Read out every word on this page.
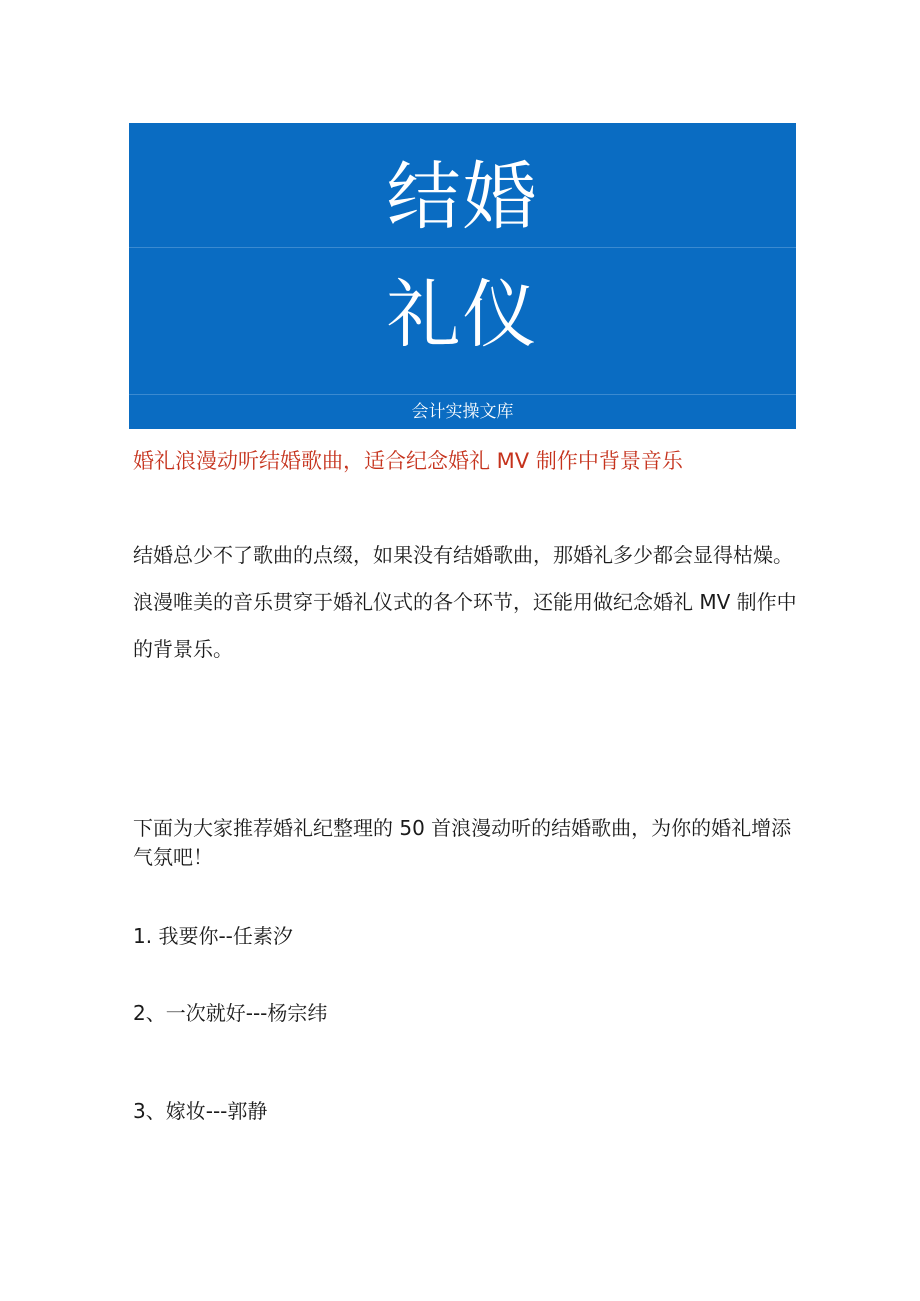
结婚
礼仪
会计实操文库
婚礼浪漫动听结婚歌曲，适合纪念婚礼 MV 制作中背景音乐

结婚总少不了歌曲的点缀，如果没有结婚歌曲，那婚礼多少都会显得枯燥。浪漫唯美的音乐贯穿于婚礼仪式的各个环节，还能用做纪念婚礼 MV 制作中的背景乐。

下面为大家推荐婚礼纪整理的 50 首浪漫动听的结婚歌曲，为你的婚礼增添气氛吧！

1. 我要你--任素汐

2、一次就好---杨宗纬

3、嫁妆---郭静
